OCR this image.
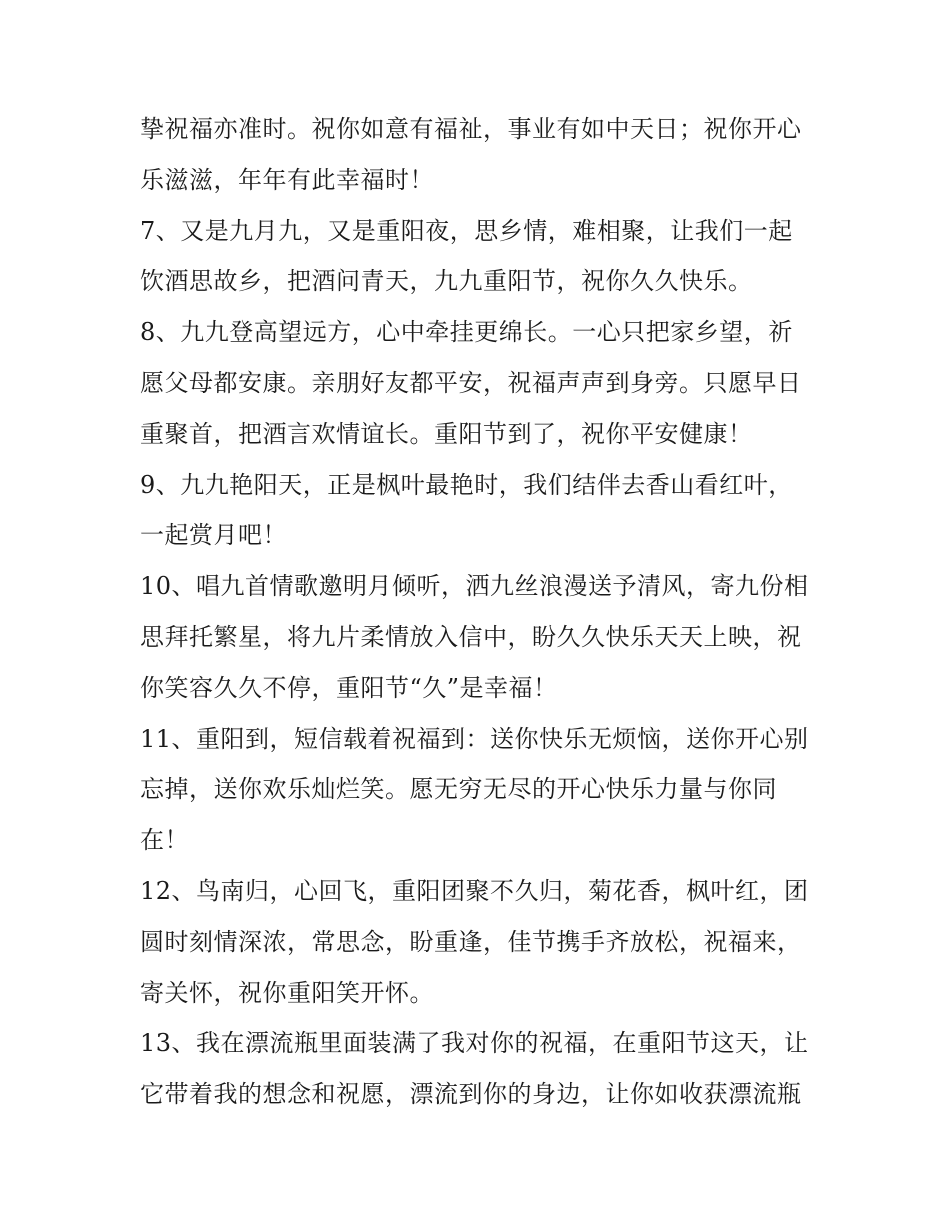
挚祝福亦准时。祝你如意有福祉，事业有如中天日；祝你开心
乐滋滋，年年有此幸福时！
7、又是九月九，又是重阳夜，思乡情，难相聚，让我们一起
饮酒思故乡，把酒问青天，九九重阳节，祝你久久快乐。
8、九九登高望远方，心中牵挂更绵长。一心只把家乡望，祈
愿父母都安康。亲朋好友都平安，祝福声声到身旁。只愿早日
重聚首，把酒言欢情谊长。重阳节到了，祝你平安健康！
9、九九艳阳天，正是枫叶最艳时，我们结伴去香山看红叶，
一起赏月吧！
10、唱九首情歌邀明月倾听，洒九丝浪漫送予清风，寄九份相
思拜托繁星，将九片柔情放入信中，盼久久快乐天天上映，祝
你笑容久久不停，重阳节“久”是幸福！
11、重阳到，短信载着祝福到：送你快乐无烦恼，送你开心别
忘掉，送你欢乐灿烂笑。愿无穷无尽的开心快乐力量与你同
在！
12、鸟南归，心回飞，重阳团聚不久归，菊花香，枫叶红，团
圆时刻情深浓，常思念，盼重逢，佳节携手齐放松，祝福来，
寄关怀，祝你重阳笑开怀。
13、我在漂流瓶里面装满了我对你的祝福，在重阳节这天，让
它带着我的想念和祝愿，漂流到你的身边，让你如收获漂流瓶
